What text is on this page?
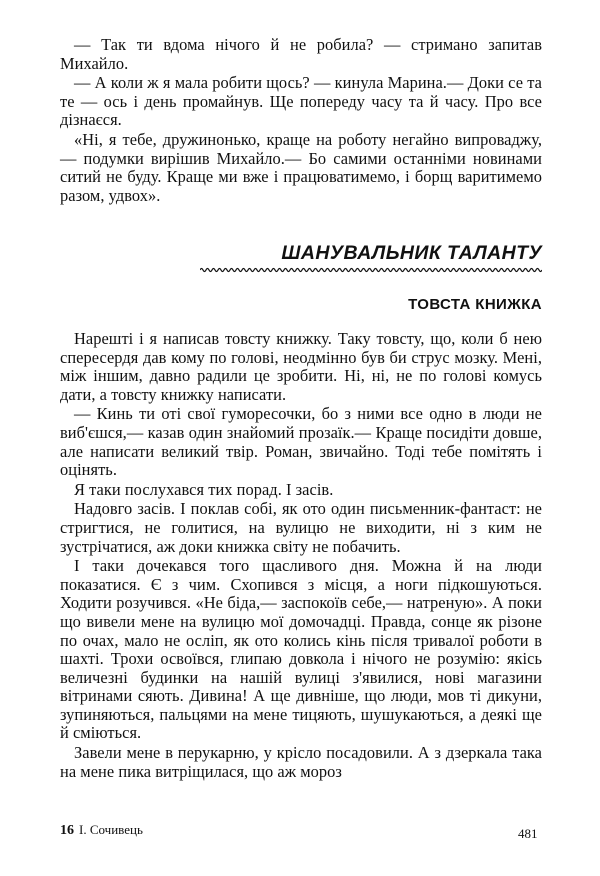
— Так ти вдома нічого й не робила? — стримано запитав Михайло.

— А коли ж я мала робити щось? — кинула Марина.— Доки се та те — ось і день промайнув. Ще попереду часу та й часу. Про все дізнаєся.

«Ні, я тебе, дружинонько, краще на роботу негайно випроваджу,— подумки вирішив Михайло.— Бо самими останніми новинами ситий не буду. Краще ми вже і працюватимемо, і борщ варитимемо разом, удвох».

ШАНУВАЛЬНИК ТАЛАНТУ
ТОВСТА КНИЖКА

Нарешті і я написав товсту книжку. Таку товсту, що, коли б нею спересердя дав кому по голові, неодмінно був би струс мозку. Мені, між іншим, давно радили це зробити. Ні, ні, не по голові комусь дати, а товсту книжку написати.

— Кинь ти оті свої гуморесочки, бо з ними все одно в люди не виб'єшся,— казав один знайомий прозаїк.— Краще посидіти довше, але написати великий твір. Роман, звичайно. Тоді тебе помітять і оцінять.

Я таки послухався тих порад. І засів.

Надовго засів. І поклав собі, як ото один письменник-фантаст: не стригтися, не голитися, на вулицю не виходити, ні з ким не зустрічатися, аж доки книжка світу не побачить.

І таки дочекався того щасливого дня. Можна й на люди показатися. Є з чим. Схопився з місця, а ноги підкошуються. Ходити розучився. «Не біда,— заспокоїв себе,— натреную». А поки що вивели мене на вулицю мої домочадці. Правда, сонце як різоне по очах, мало не осліп, як ото колись кінь після тривалої роботи в шахті. Трохи освоївся, глипаю довкола і нічого не розумію: якісь величезні будинки на нашій вулиці з'явилися, нові магазини вітринами сяють. Дивина! А ще дивніше, що люди, мов ті дикуни, зупиняються, пальцями на мене тицяють, шушукаються, а деякі ще й сміються.

Завели мене в перукарню, у крісло посадовили. А з дзеркала така на мене пика витріщилася, що аж мороз

16 І. Сочивець	481
